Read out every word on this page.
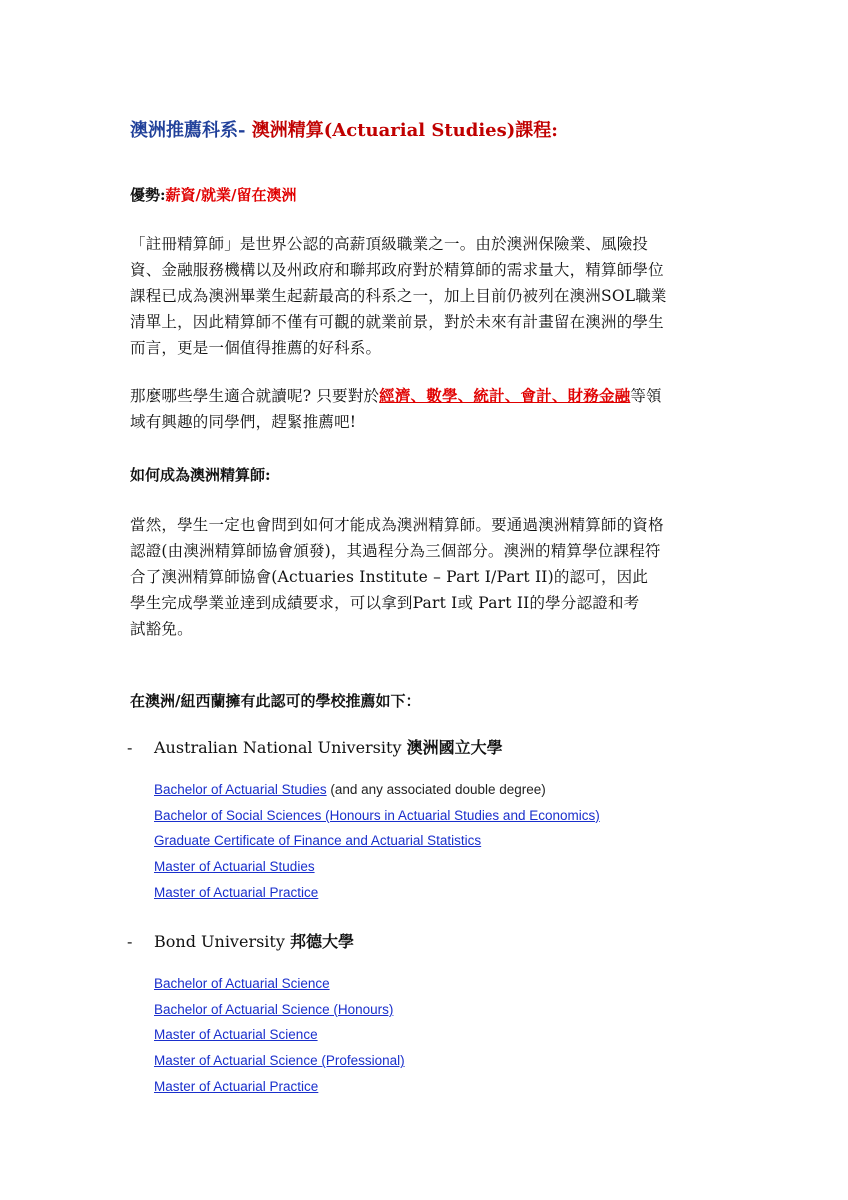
澳洲推薦科系- 澳洲精算(Actuarial Studies)課程:
優勢:薪資/就業/留在澳洲
「註冊精算師」是世界公認的高薪頂級職業之一。由於澳洲保險業、風險投
資、金融服務機構以及州政府和聯邦政府對於精算師的需求量大，精算師學位
課程已成為澳洲畢業生起薪最高的科系之一，加上目前仍被列在澳洲SOL職業
清單上，因此精算師不僅有可觀的就業前景，對於未來有計畫留在澳洲的學生
而言，更是一個值得推薦的好科系。
那麼哪些學生適合就讀呢? 只要對於經濟、數學、統計、會計、財務金融等領
域有興趣的同學們，趕緊推薦吧!
如何成為澳洲精算師:
當然，學生一定也會問到如何才能成為澳洲精算師。要通過澳洲精算師的資格
認證(由澳洲精算師協會頒發)，其過程分為三個部分。澳洲的精算學位課程符
合了澳洲精算師協會(Actuaries Institute – Part I/Part II)的認可，因此
學生完成學業並達到成績要求，可以拿到Part I或 Part II的學分認證和考
試豁免。
在澳洲/紐西蘭擁有此認可的學校推薦如下：
- Australian National University 澳洲國立大學
Bachelor of Actuarial Studies (and any associated double degree)
Bachelor of Social Sciences (Honours in Actuarial Studies and Economics)
Graduate Certificate of Finance and Actuarial Statistics
Master of Actuarial Studies
Master of Actuarial Practice
- Bond University 邦德大學
Bachelor of Actuarial Science
Bachelor of Actuarial Science (Honours)
Master of Actuarial Science
Master of Actuarial Science (Professional)
Master of Actuarial Practice
